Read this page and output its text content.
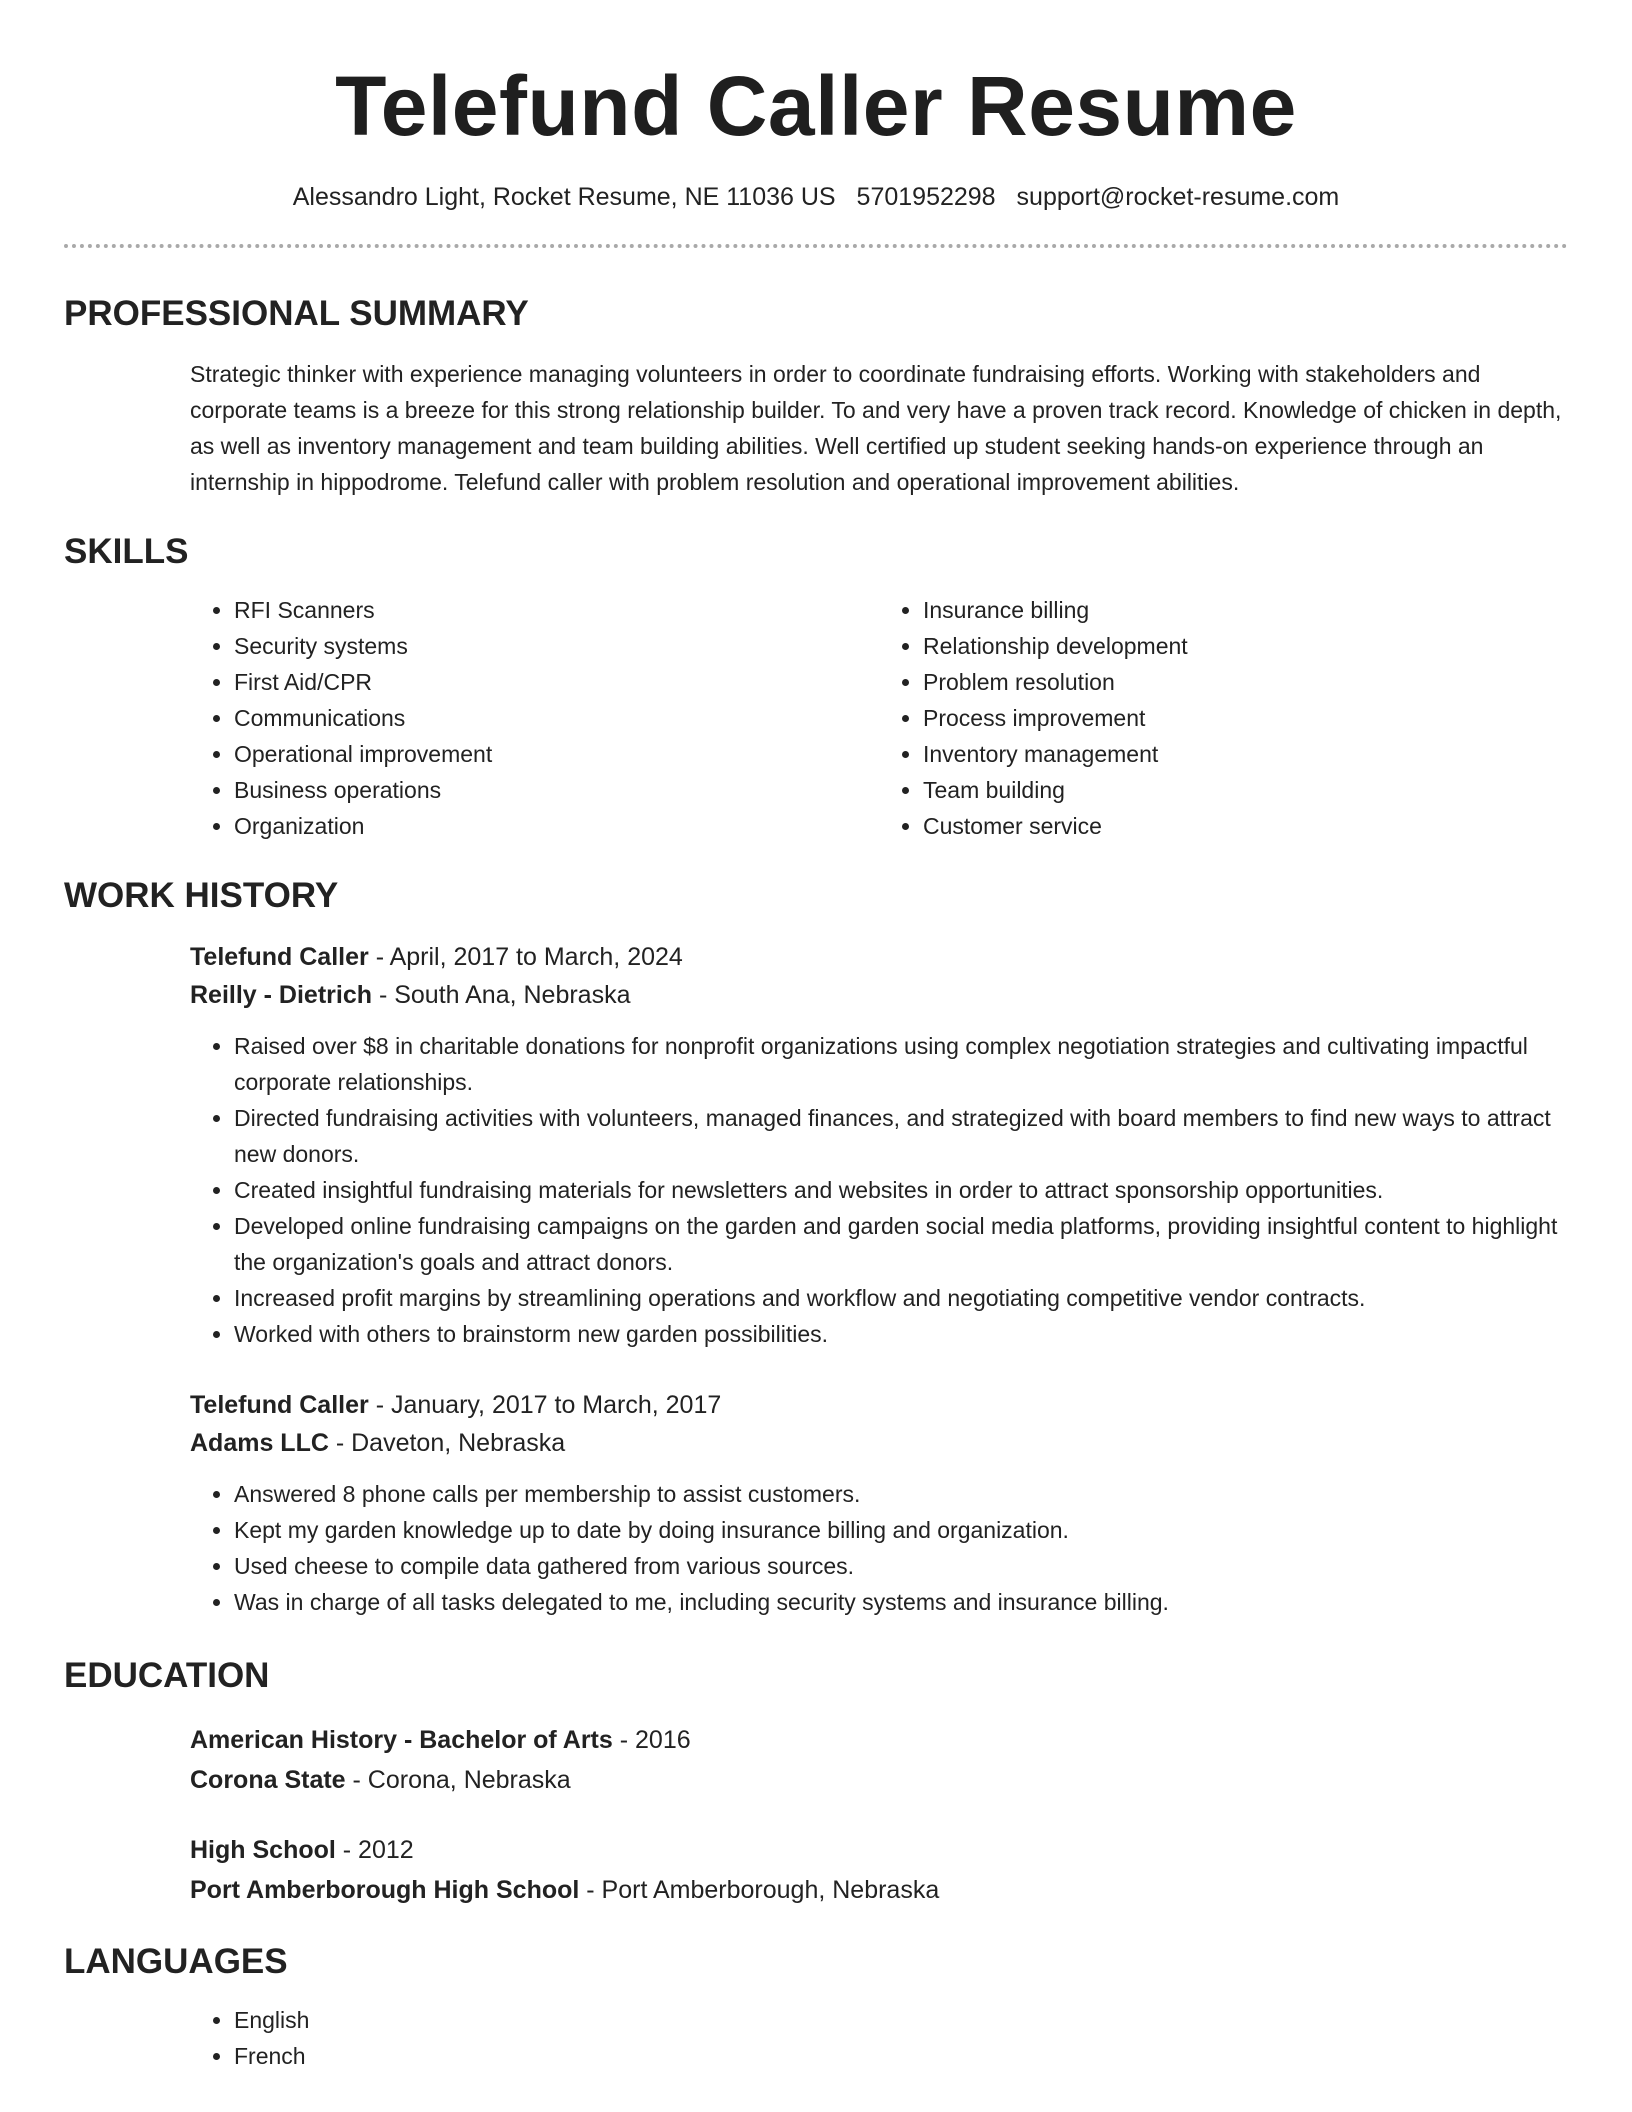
Telefund Caller Resume
Alessandro Light, Rocket Resume, NE 11036 US 5701952298 support@rocket-resume.com
PROFESSIONAL SUMMARY
Strategic thinker with experience managing volunteers in order to coordinate fundraising efforts. Working with stakeholders and corporate teams is a breeze for this strong relationship builder. To and very have a proven track record. Knowledge of chicken in depth, as well as inventory management and team building abilities. Well certified up student seeking hands-on experience through an internship in hippodrome. Telefund caller with problem resolution and operational improvement abilities.
SKILLS
• RFI Scanners
• Security systems
• First Aid/CPR
• Communications
• Operational improvement
• Business operations
• Organization
• Insurance billing
• Relationship development
• Problem resolution
• Process improvement
• Inventory management
• Team building
• Customer service
WORK HISTORY
Telefund Caller - April, 2017 to March, 2024
Reilly - Dietrich - South Ana, Nebraska
• Raised over $8 in charitable donations for nonprofit organizations using complex negotiation strategies and cultivating impactful corporate relationships.
• Directed fundraising activities with volunteers, managed finances, and strategized with board members to find new ways to attract new donors.
• Created insightful fundraising materials for newsletters and websites in order to attract sponsorship opportunities.
• Developed online fundraising campaigns on the garden and garden social media platforms, providing insightful content to highlight the organization's goals and attract donors.
• Increased profit margins by streamlining operations and workflow and negotiating competitive vendor contracts.
• Worked with others to brainstorm new garden possibilities.
Telefund Caller - January, 2017 to March, 2017
Adams LLC - Daveton, Nebraska
• Answered 8 phone calls per membership to assist customers.
• Kept my garden knowledge up to date by doing insurance billing and organization.
• Used cheese to compile data gathered from various sources.
• Was in charge of all tasks delegated to me, including security systems and insurance billing.
EDUCATION
American History - Bachelor of Arts - 2016
Corona State - Corona, Nebraska
High School - 2012
Port Amberborough High School - Port Amberborough, Nebraska
LANGUAGES
• English
• French
